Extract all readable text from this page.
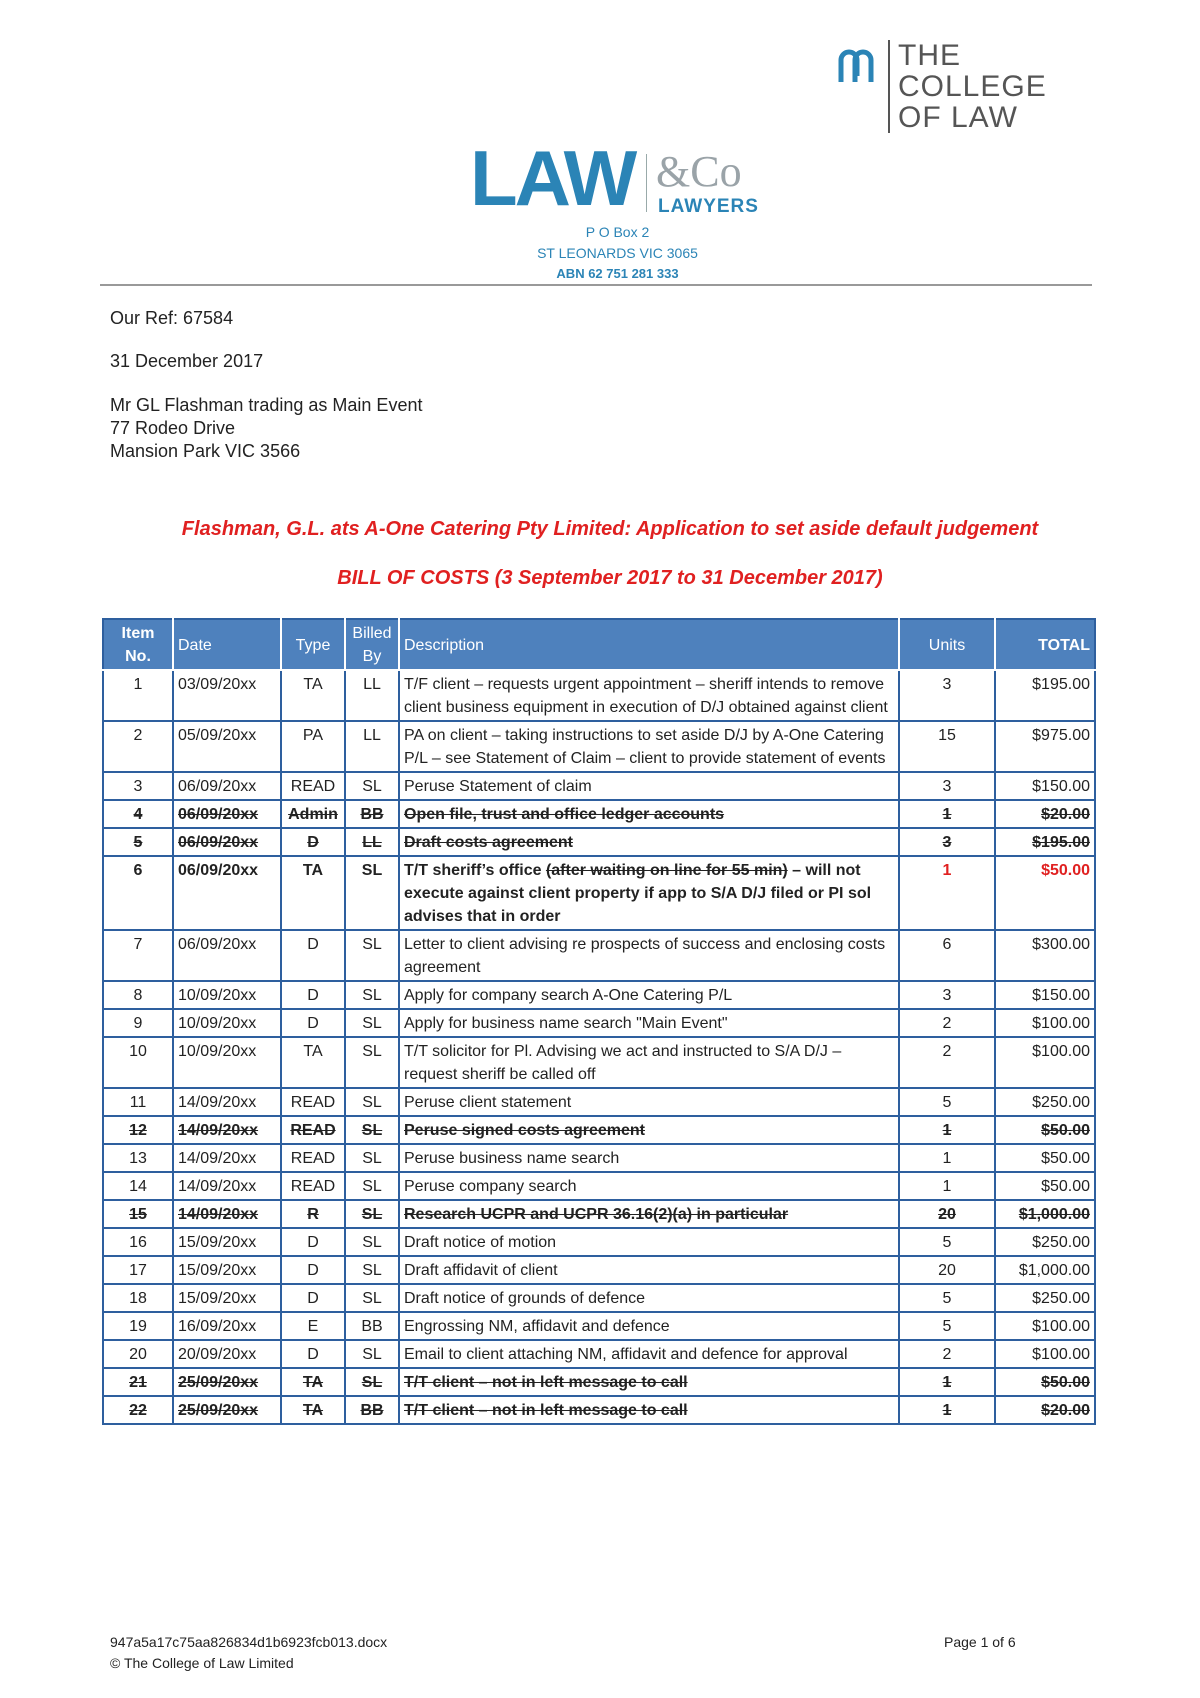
THE COLLEGE
OF LAW
LAW &Co
LAWYERS
P O Box 2
ST LEONARDS VIC 3065
ABN 62 751 281 333
Our Ref: 67584
31 December 2017
Mr GL Flashman trading as Main Event
77 Rodeo Drive
Mansion Park VIC 3566
Flashman, G.L. ats A-One Catering Pty Limited: Application to set aside default judgement
BILL OF COSTS (3 September 2017 to 31 December 2017)
Item No.	Date	Type	Billed By	Description	Units	TOTAL
1	03/09/20xx	TA	LL	T/F client – requests urgent appointment – sheriff intends to remove client business equipment in execution of D/J obtained against client	3	$195.00
2	05/09/20xx	PA	LL	PA on client – taking instructions to set aside D/J by A-One Catering P/L – see Statement of Claim – client to provide statement of events	15	$975.00
3	06/09/20xx	READ	SL	Peruse Statement of claim	3	$150.00
4	06/09/20xx	Admin	BB	Open file, trust and office ledger accounts	1	$20.00
5	06/09/20xx	D	LL	Draft costs agreement	3	$195.00
6	06/09/20xx	TA	SL	T/T sheriff’s office (after waiting on line for 55 min) – will not execute against client property if app to S/A D/J filed or PI sol advises that in order	1	$50.00
7	06/09/20xx	D	SL	Letter to client advising re prospects of success and enclosing costs agreement	6	$300.00
8	10/09/20xx	D	SL	Apply for company search A-One Catering P/L	3	$150.00
9	10/09/20xx	D	SL	Apply for business name search "Main Event"	2	$100.00
10	10/09/20xx	TA	SL	T/T solicitor for Pl. Advising we act and instructed to S/A D/J – request sheriff be called off	2	$100.00
11	14/09/20xx	READ	SL	Peruse client statement	5	$250.00
12	14/09/20xx	READ	SL	Peruse signed costs agreement	1	$50.00
13	14/09/20xx	READ	SL	Peruse business name search	1	$50.00
14	14/09/20xx	READ	SL	Peruse company search	1	$50.00
15	14/09/20xx	R	SL	Research UCPR and UCPR 36.16(2)(a) in particular	20	$1,000.00
16	15/09/20xx	D	SL	Draft notice of motion	5	$250.00
17	15/09/20xx	D	SL	Draft affidavit of client	20	$1,000.00
18	15/09/20xx	D	SL	Draft notice of grounds of defence	5	$250.00
19	16/09/20xx	E	BB	Engrossing NM, affidavit and defence	5	$100.00
20	20/09/20xx	D	SL	Email to client attaching NM, affidavit and defence for approval	2	$100.00
21	25/09/20xx	TA	SL	T/T client – not in left message to call	1	$50.00
22	25/09/20xx	TA	BB	T/T client – not in left message to call	1	$20.00
947a5a17c75aa826834d1b6923fcb013.docx
© The College of Law Limited
Page 1 of 6
